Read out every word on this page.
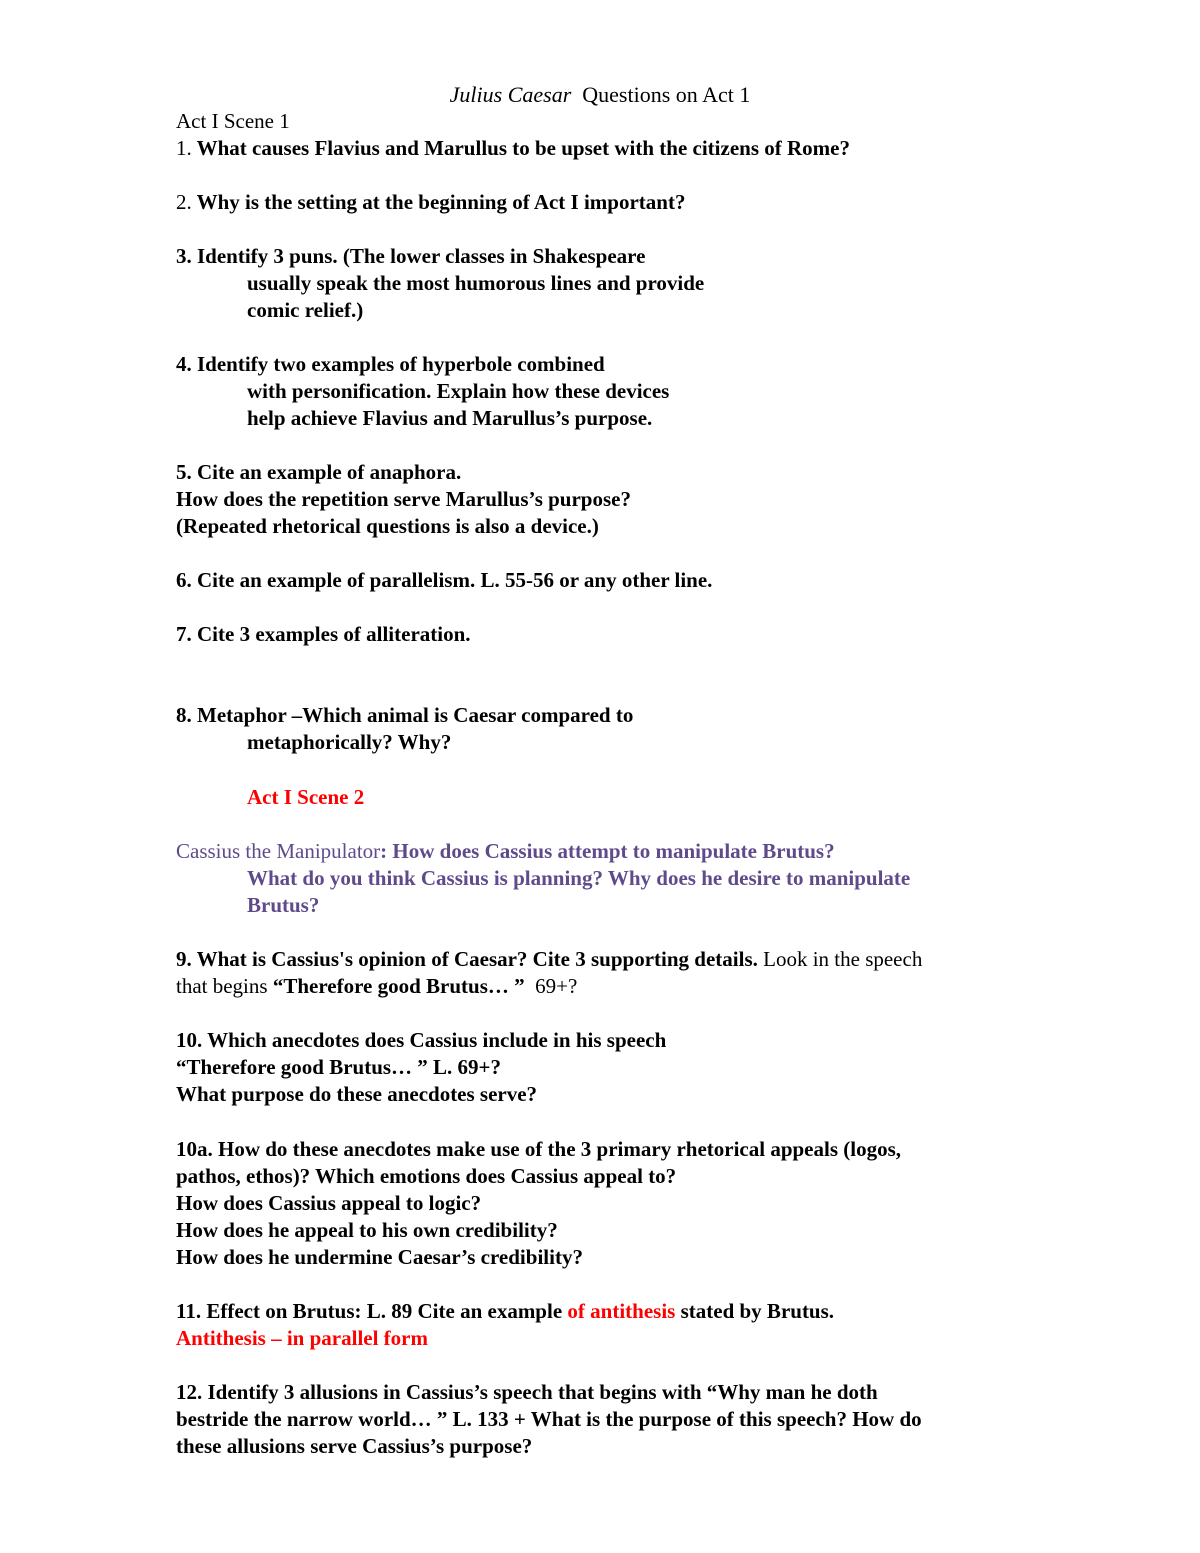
Julius Caesar  Questions on Act 1
Act I Scene 1
1. What causes Flavius and Marullus to be upset with the citizens of Rome?
2. Why is the setting at the beginning of Act I important?
3. Identify 3 puns. (The lower classes in Shakespeare
usually speak the most humorous lines and provide
comic relief.)
4. Identify two examples of hyperbole combined
with personification. Explain how these devices
help achieve Flavius and Marullus’s purpose.
5. Cite an example of anaphora.
How does the repetition serve Marullus’s purpose?
(Repeated rhetorical questions is also a device.)
6. Cite an example of parallelism. L. 55-56 or any other line.
7. Cite 3 examples of alliteration.
8. Metaphor –Which animal is Caesar compared to
metaphorically? Why?
Act I Scene 2
Cassius the Manipulator: How does Cassius attempt to manipulate Brutus?
What do you think Cassius is planning? Why does he desire to manipulate
Brutus?
9. What is Cassius's opinion of Caesar? Cite 3 supporting details. Look in the speech
that begins “Therefore good Brutus… ”  69+?
10. Which anecdotes does Cassius include in his speech
“Therefore good Brutus… ” L. 69+?
What purpose do these anecdotes serve?
10a. How do these anecdotes make use of the 3 primary rhetorical appeals (logos,
pathos, ethos)? Which emotions does Cassius appeal to?
How does Cassius appeal to logic?
How does he appeal to his own credibility?
How does he undermine Caesar’s credibility?
11. Effect on Brutus: L. 89 Cite an example of antithesis stated by Brutus.
Antithesis – in parallel form
12. Identify 3 allusions in Cassius’s speech that begins with “Why man he doth
bestride the narrow world… ” L. 133 + What is the purpose of this speech? How do
these allusions serve Cassius’s purpose?
